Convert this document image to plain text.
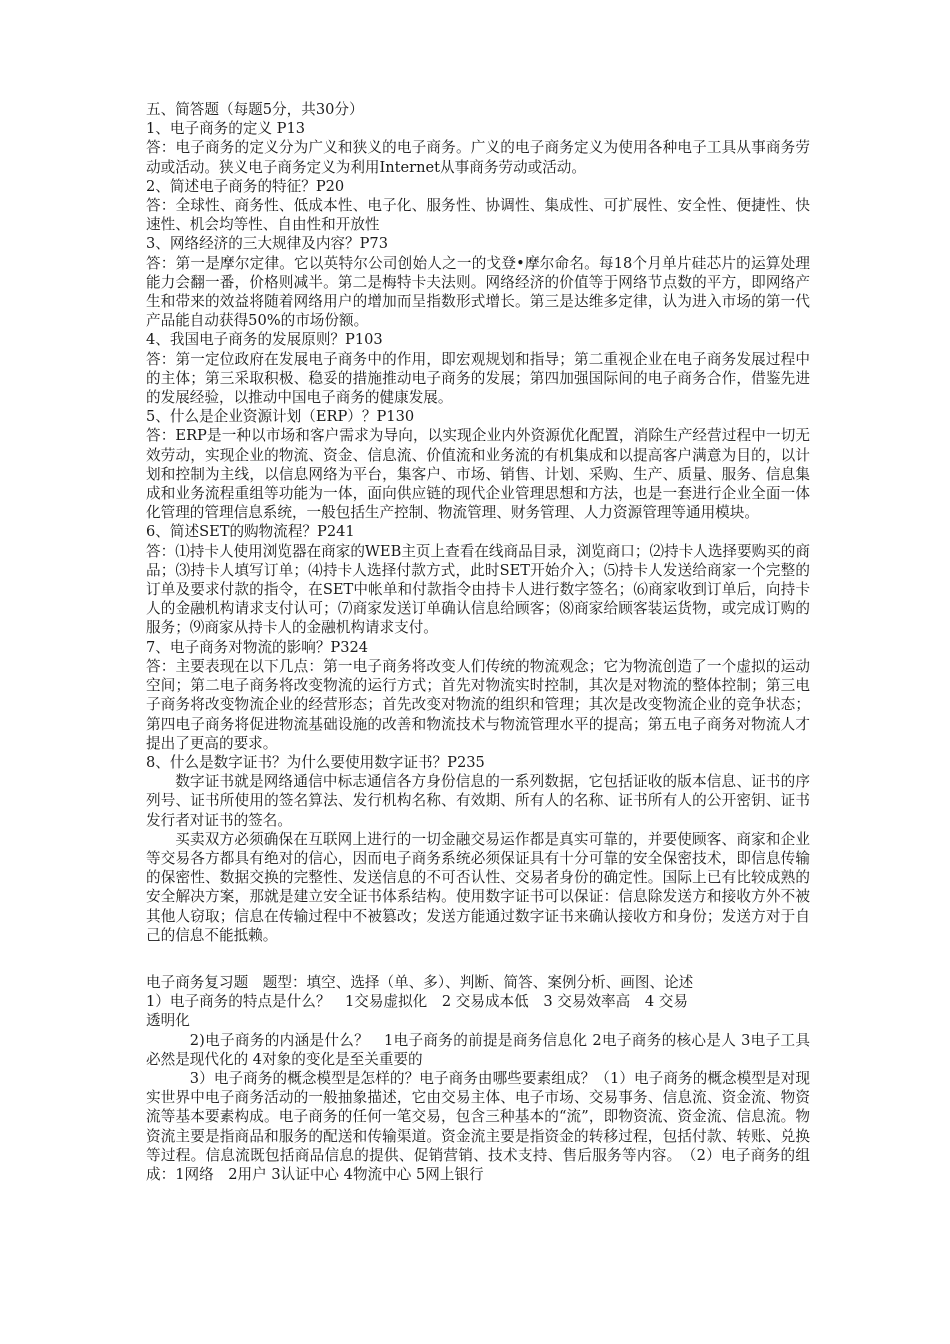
五、简答题（每题5分，共30分）

1、电子商务的定义 P13

答：电子商务的定义分为广义和狭义的电子商务。广义的电子商务定义为使用各种电子工具从事商务劳动或活动。狭义电子商务定义为利用Internet从事商务劳动或活动。

2、简述电子商务的特征？P20

答：全球性、商务性、低成本性、电子化、服务性、协调性、集成性、可扩展性、安全性、便捷性、快速性、机会均等性、自由性和开放性

3、网络经济的三大规律及内容？P73

答：第一是摩尔定律。它以英特尔公司创始人之一的戈登•摩尔命名。每18个月单片硅芯片的运算处理能力会翻一番，价格则减半。第二是梅特卡夫法则。网络经济的价值等于网络节点数的平方，即网络产生和带来的效益将随着网络用户的增加而呈指数形式增长。第三是达维多定律，认为进入市场的第一代产品能自动获得50%的市场份额。

4、我国电子商务的发展原则？P103

答：第一定位政府在发展电子商务中的作用，即宏观规划和指导；第二重视企业在电子商务发展过程中的主体；第三采取积极、稳妥的措施推动电子商务的发展；第四加强国际间的电子商务合作，借鉴先进的发展经验，以推动中国电子商务的健康发展。

5、什么是企业资源计划（ERP）？P130

答：ERP是一种以市场和客户需求为导向，以实现企业内外资源优化配置，消除生产经营过程中一切无效劳动，实现企业的物流、资金、信息流、价值流和业务流的有机集成和以提高客户满意为目的，以计划和控制为主线，以信息网络为平台，集客户、市场、销售、计划、采购、生产、质量、服务、信息集成和业务流程重组等功能为一体，面向供应链的现代企业管理思想和方法，也是一套进行企业全面一体化管理的管理信息系统，一般包括生产控制、物流管理、财务管理、人力资源管理等通用模块。

6、简述SET的购物流程？P241

答：⑴持卡人使用浏览器在商家的WEB主页上查看在线商品目录，浏览商口；⑵持卡人选择要购买的商品；⑶持卡人填写订单；⑷持卡人选择付款方式，此时SET开始介入；⑸持卡人发送给商家一个完整的订单及要求付款的指令，在SET中帐单和付款指令由持卡人进行数字签名；⑹商家收到订单后，向持卡人的金融机构请求支付认可；⑺商家发送订单确认信息给顾客；⑻商家给顾客装运货物，或完成订购的服务；⑼商家从持卡人的金融机构请求支付。

7、电子商务对物流的影响？P324

答：主要表现在以下几点：第一电子商务将改变人们传统的物流观念；它为物流创造了一个虚拟的运动空间；第二电子商务将改变物流的运行方式；首先对物流实时控制，其次是对物流的整体控制；第三电子商务将改变物流企业的经营形态；首先改变对物流的组织和管理；其次是改变物流企业的竞争状态；第四电子商务将促进物流基础设施的改善和物流技术与物流管理水平的提高；第五电子商务对物流人才提出了更高的要求。

8、什么是数字证书？为什么要使用数字证书？P235

数字证书就是网络通信中标志通信各方身份信息的一系列数据，它包括证收的版本信息、证书的序列号、证书所使用的签名算法、发行机构名称、有效期、所有人的名称、证书所有人的公开密钥、证书发行者对证书的签名。

买卖双方必须确保在互联网上进行的一切金融交易运作都是真实可靠的，并要使顾客、商家和企业等交易各方都具有绝对的信心，因而电子商务系统必须保证具有十分可靠的安全保密技术，即信息传输的保密性、数据交换的完整性、发送信息的不可否认性、交易者身份的确定性。国际上已有比较成熟的安全解决方案，那就是建立安全证书体系结构。使用数字证书可以保证：信息除发送方和接收方外不被其他人窃取；信息在传输过程中不被篡改；发送方能通过数字证书来确认接收方和身份；发送方对于自己的信息不能抵赖。

电子商务复习题　题型：填空、选择（单、多）、判断、简答、案例分析、画图、论述

1）电子商务的特点是什么？　1交易虚拟化　2 交易成本低　3 交易效率高　4 交易

透明化

2)电子商务的内涵是什么？　1电子商务的前提是商务信息化 2电子商务的核心是人 3电子工具必然是现代化的 4对象的变化是至关重要的

3）电子商务的概念模型是怎样的？电子商务由哪些要素组成？（1）电子商务的概念模型是对现实世界中电子商务活动的一般抽象描述，它由交易主体、电子市场、交易事务、信息流、资金流、物资流等基本要素构成。电子商务的任何一笔交易，包含三种基本的“流”，即物资流、资金流、信息流。物资流主要是指商品和服务的配送和传输渠道。资金流主要是指资金的转移过程，包括付款、转账、兑换等过程。信息流既包括商品信息的提供、促销营销、技术支持、售后服务等内容。　（2）电子商务的组成：1网络　2用户 3认证中心 4物流中心 5网上银行
